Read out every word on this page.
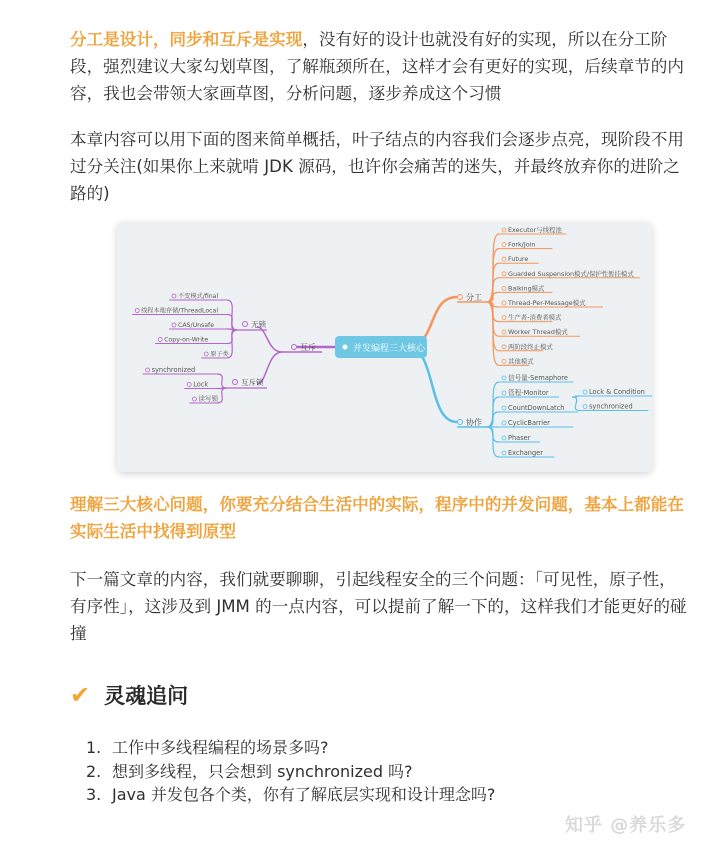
分工是设计，同步和互斥是实现，没有好的设计也就没有好的实现，所以在分工阶段，强烈建议大家勾划草图，了解瓶颈所在，这样才会有更好的实现，后续章节的内容，我也会带领大家画草图，分析问题，逐步养成这个习惯

本章内容可以用下面的图来简单概括，叶子结点的内容我们会逐步点亮，现阶段不用过分关注(如果你上来就啃 JDK 源码，也许你会痛苦的迷失，并最终放弃你的进阶之路的)

并发编程三大核心
分工
Executor与线程池
Fork/Join
Future
Guarded Suspension模式/保护性暂挂模式
Balking模式
Thread-Per-Message模式
生产者-消费者模式
Worker Thread模式
两阶段终止模式
其他模式
协作
信号量-Semaphore
管程-Monitor
CountDownLatch
CyclicBarrier
Phaser
Exchanger
互斥
无锁
不变模式/final
线程本地存储/ThreadLocal
CAS/Unsafe
Copy-on-Write
原子类
互斥锁
synchronized
Lock
读写锁
Lock & Condition
synchronized

理解三大核心问题，你要充分结合生活中的实际，程序中的并发问题，基本上都能在实际生活中找得到原型

下一篇文章的内容，我们就要聊聊，引起线程安全的三个问题：「可见性，原子性，有序性」，这涉及到 JMM 的一点内容，可以提前了解一下的，这样我们才能更好的碰撞

✔ 灵魂追问
1. 工作中多线程编程的场景多吗?
2. 想到多线程，只会想到 synchronized 吗?
3. Java 并发包各个类，你有了解底层实现和设计理念吗?
知乎 @养乐多
